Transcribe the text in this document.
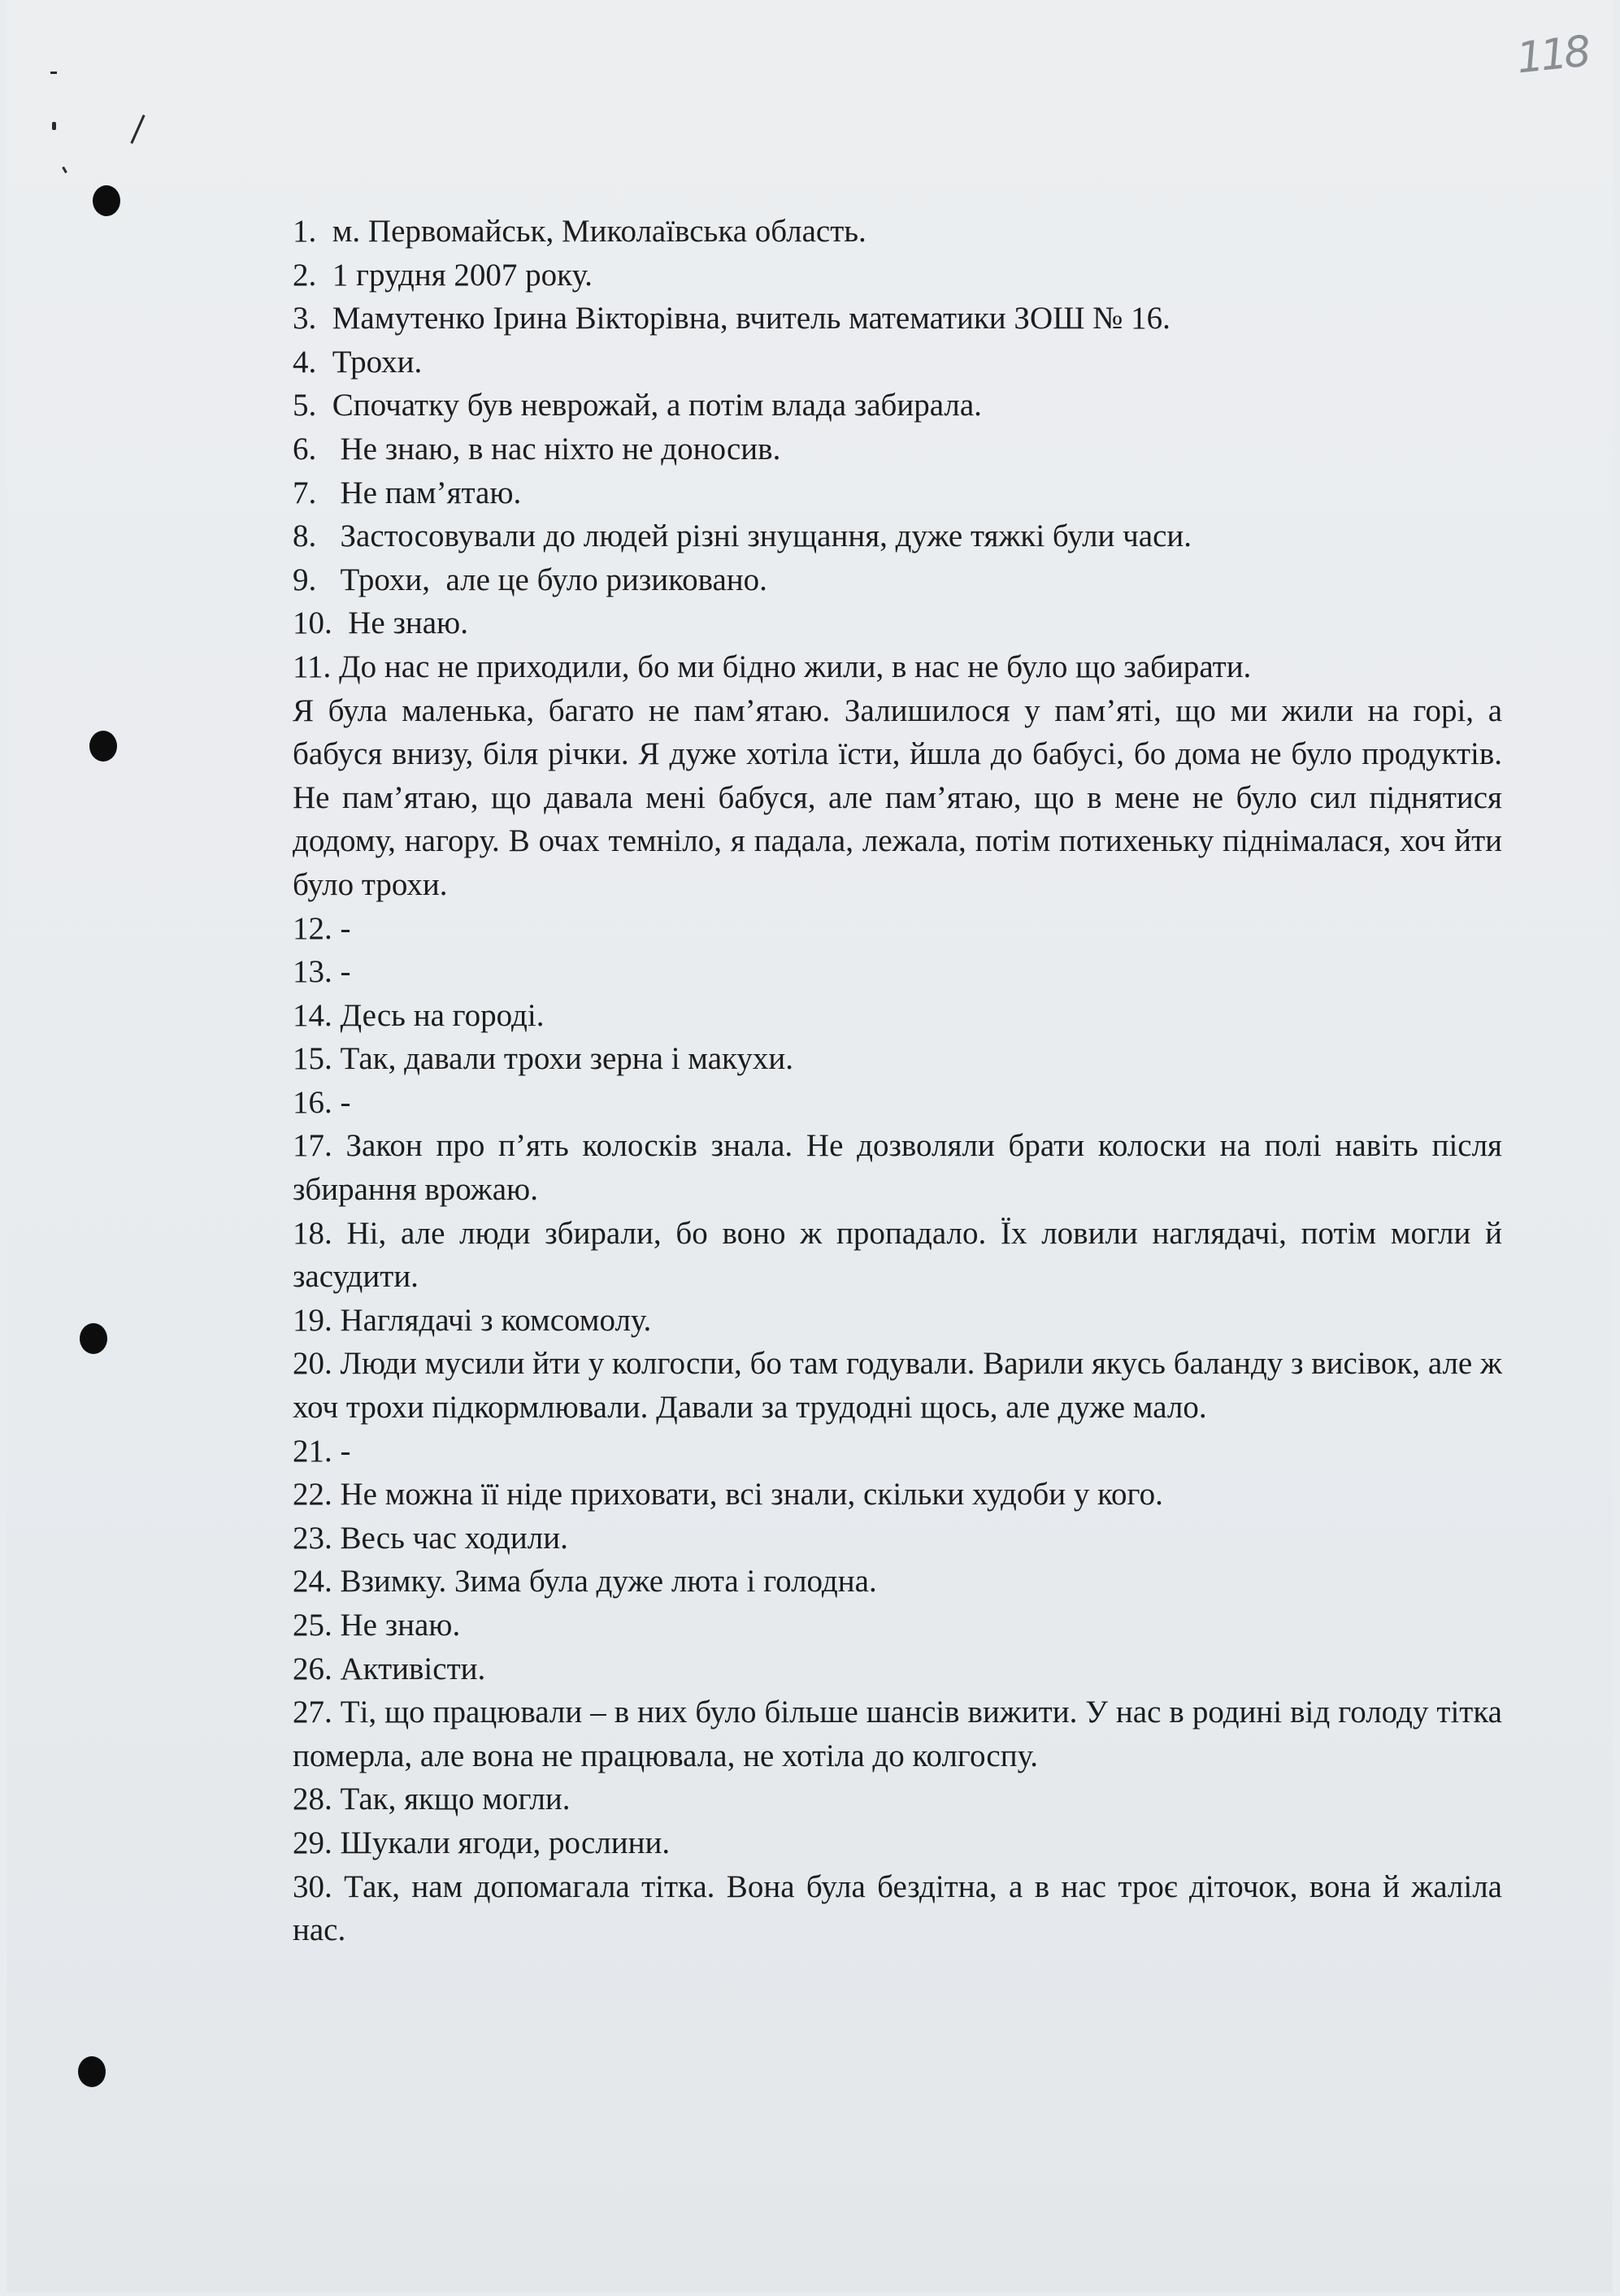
118
1.  м. Первомайськ, Миколаївська область.
2.  1 грудня 2007 року.
3.  Мамутенко Ірина Вікторівна, вчитель математики ЗОШ № 16.
4.  Трохи.
5.  Спочатку був неврожай, а потім влада забирала.
6.   Не знаю, в нас ніхто не доносив.
7.   Не пам’ятаю.
8.   Застосовували до людей різні знущання, дуже тяжкі були часи.
9.   Трохи,  але це було ризиковано.
10.  Не знаю.
11. До нас не приходили, бо ми бідно жили, в нас не було що забирати.
Я була маленька, багато не пам’ятаю. Залишилося у пам’яті, що ми жили на горі, а бабуся внизу, біля річки. Я дуже хотіла їсти, йшла до бабусі, бо дома не було продуктів. Не пам’ятаю, що давала мені бабуся, але пам’ятаю, що в мене не було сил піднятися додому, нагору. В очах темніло, я падала, лежала, потім потихеньку піднімалася, хоч йти було трохи.
12. -
13. -
14. Десь на городі.
15. Так, давали трохи зерна і макухи.
16. -
17. Закон про п’ять колосків знала. Не дозволяли брати колоски на полі навіть після збирання врожаю.
18. Ні, але люди збирали, бо воно ж пропадало. Їх ловили наглядачі, потім могли й засудити.
19. Наглядачі з комсомолу.
20. Люди мусили йти у колгоспи, бо там годували. Варили якусь баланду з висівок, але ж хоч трохи підкормлювали. Давали за трудодні щось, але дуже мало.
21. -
22. Не можна її ніде приховати, всі знали, скільки худоби у кого.
23. Весь час ходили.
24. Взимку. Зима була дуже люта і голодна.
25. Не знаю.
26. Активісти.
27. Ті, що працювали – в них було більше шансів вижити. У нас в родині від голоду тітка померла, але вона не працювала, не хотіла до колгоспу.
28. Так, якщо могли.
29. Шукали ягоди, рослини.
30. Так, нам допомагала тітка. Вона була бездітна, а в нас троє діточок, вона й жаліла нас.
